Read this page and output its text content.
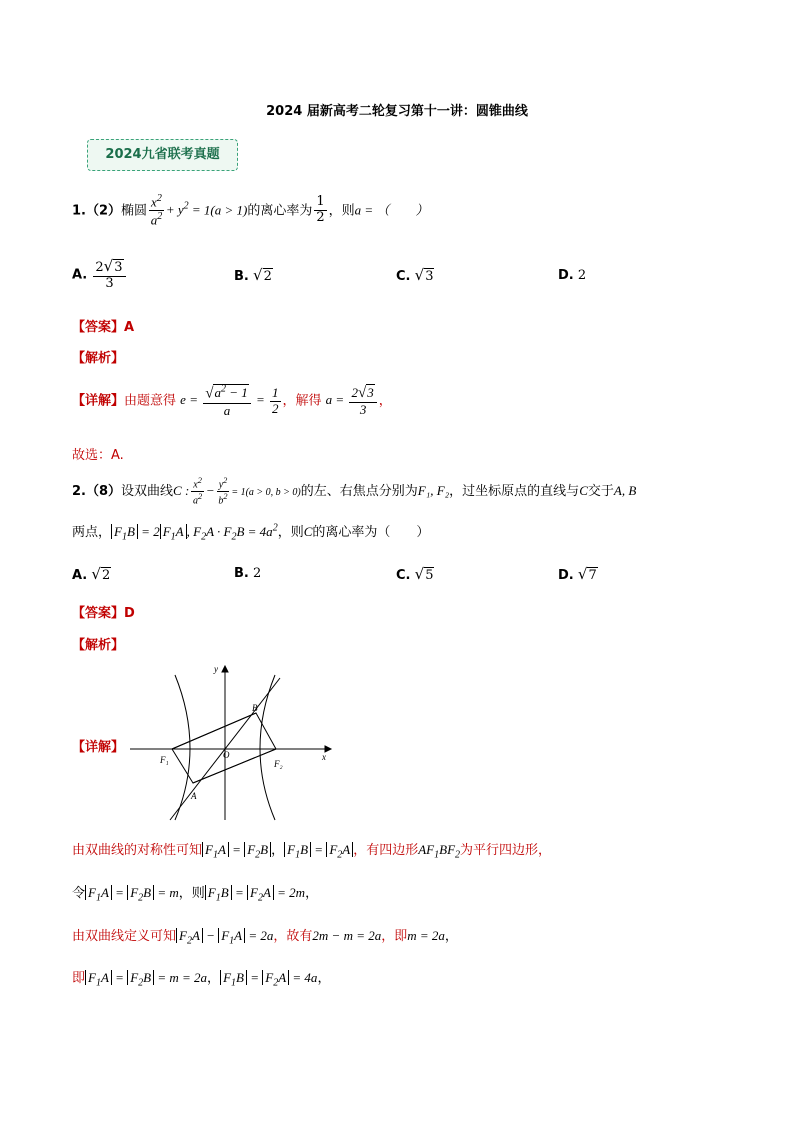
2024 届新高考二轮复习第十一讲：圆锥曲线
2024九省联考真题
1.（2）椭圆 $\frac{x^2}{a^2} + y^2 = 1(a > 1)$的离心率为 $\frac{1}{2}$ ，则a = （　　）
A. $\frac{2√3}{3}$	B. √2	C. √3	D. 2
【答案】A
【解析】
【详解】由题意得 $e = \frac{√a^2 - 1}{a} = \frac{1}{2}$ ，解得 $a = \frac{2√3}{3}$ ，
故选：A.
2.（8）设双曲线C : $\frac{x^2}{a^2} - \frac{y^2}{b^2} = 1(a > 0$, b > 0)的左、右焦点分别为F₁, F₂，过坐标原点的直线与C交于A, B
两点， $F_1B = 2$ $F_1A$ , $F_2A \cdot F_2B = 4a^2$，则C的离心率为（　　）
A. √2	B. 2	C. √5	D. √7
【答案】D
【解析】
【详解】
y
x
O
B
A
F₁	F₂
由双曲线的对称性可知 $F_1A = F_2B$ ， $F_1B = F_2A$ ，有四边形$AF_1BF_2$为平行四边形，
令 $F_1A = F_2B = m$，则 $F_1B = F_2A = 2m$，
由双曲线定义可知 $F_2A - F_1A = 2a$，故有2m − m = 2a，即m = 2a，
即 $F_1A = F_2B = m = 2a$， $F_1B = F_2A = 4a$，
